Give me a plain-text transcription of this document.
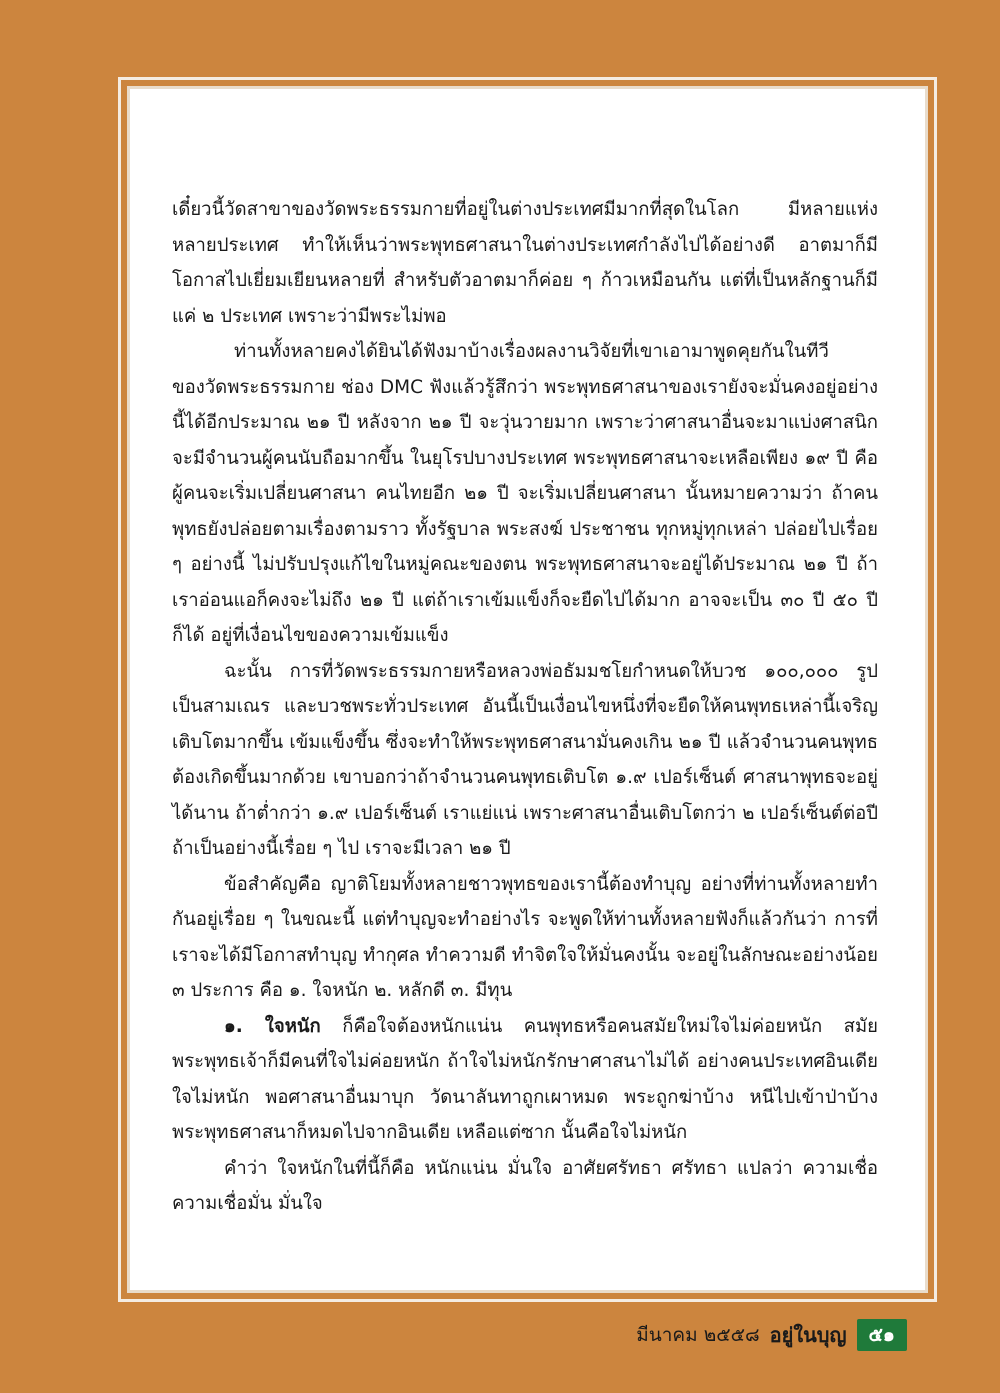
เดี๋ยวนี้วัดสาขาของวัดพระธรรมกายที่อยู่ในต่างประเทศมีมากที่สุดในโลก มีหลายแห่งหลายประเทศ ทำให้เห็นว่าพระพุทธศาสนาในต่างประเทศกำลังไปได้อย่างดี อาตมาก็มีโอกาสไปเยี่ยมเยียนหลายที่ สำหรับตัวอาตมาก็ค่อย ๆ ก้าวเหมือนกัน แต่ที่เป็นหลักฐานก็มีแค่ ๒ ประเทศ เพราะว่ามีพระไม่พอ

ท่านทั้งหลายคงได้ยินได้ฟังมาบ้างเรื่องผลงานวิจัยที่เขาเอามาพูดคุยกันในทีวีของวัดพระธรรมกาย ช่อง DMC ฟังแล้วรู้สึกว่า พระพุทธศาสนาของเรายังจะมั่นคงอยู่อย่างนี้ได้อีกประมาณ ๒๑ ปี หลังจาก ๒๑ ปี จะวุ่นวายมาก เพราะว่าศาสนาอื่นจะมาแบ่งศาสนิก จะมีจำนวนผู้คนนับถือมากขึ้น ในยุโรปบางประเทศ พระพุทธศาสนาจะเหลือเพียง ๑๙ ปี คือผู้คนจะเริ่มเปลี่ยนศาสนา คนไทยอีก ๒๑ ปี จะเริ่มเปลี่ยนศาสนา นั้นหมายความว่า ถ้าคนพุทธยังปล่อยตามเรื่องตามราว ทั้งรัฐบาล พระสงฆ์ ประชาชน ทุกหมู่ทุกเหล่า ปล่อยไปเรื่อย ๆ อย่างนี้ ไม่ปรับปรุงแก้ไขในหมู่คณะของตน พระพุทธศาสนาจะอยู่ได้ประมาณ ๒๑ ปี ถ้าเราอ่อนแอก็คงจะไม่ถึง ๒๑ ปี แต่ถ้าเราเข้มแข็งก็จะยืดไปได้มาก อาจจะเป็น ๓๐ ปี ๕๐ ปี ก็ได้ อยู่ที่เงื่อนไขของความเข้มแข็ง

ฉะนั้น การที่วัดพระธรรมกายหรือหลวงพ่อธัมมชโยกำหนดให้บวช ๑๐๐,๐๐๐ รูป เป็นสามเณร และบวชพระทั่วประเทศ อันนี้เป็นเงื่อนไขหนึ่งที่จะยืดให้คนพุทธเหล่านี้เจริญเติบโตมากขึ้น เข้มแข็งขึ้น ซึ่งจะทำให้พระพุทธศาสนามั่นคงเกิน ๒๑ ปี แล้วจำนวนคนพุทธต้องเกิดขึ้นมากด้วย เขาบอกว่าถ้าจำนวนคนพุทธเติบโต ๑.๙ เปอร์เซ็นต์ ศาสนาพุทธจะอยู่ได้นาน ถ้าต่ำกว่า ๑.๙ เปอร์เซ็นต์ เราแย่แน่ เพราะศาสนาอื่นเติบโตกว่า ๒ เปอร์เซ็นต์ต่อปี ถ้าเป็นอย่างนี้เรื่อย ๆ ไป เราจะมีเวลา ๒๑ ปี

ข้อสำคัญคือ ญาติโยมทั้งหลายชาวพุทธของเรานี้ต้องทำบุญ อย่างที่ท่านทั้งหลายทำกันอยู่เรื่อย ๆ ในขณะนี้ แต่ทำบุญจะทำอย่างไร จะพูดให้ท่านทั้งหลายฟังก็แล้วกันว่า การที่เราจะได้มีโอกาสทำบุญ ทำกุศล ทำความดี ทำจิตใจให้มั่นคงนั้น จะอยู่ในลักษณะอย่างน้อย ๓ ประการ คือ ๑. ใจหนัก ๒. หลักดี ๓. มีทุน

๑. ใจหนัก ก็คือใจต้องหนักแน่น คนพุทธหรือคนสมัยใหม่ใจไม่ค่อยหนัก สมัยพระพุทธเจ้าก็มีคนที่ใจไม่ค่อยหนัก ถ้าใจไม่หนักรักษาศาสนาไม่ได้ อย่างคนประเทศอินเดียใจไม่หนัก พอศาสนาอื่นมาบุก วัดนาลันทาถูกเผาหมด พระถูกฆ่าบ้าง หนีไปเข้าป่าบ้าง พระพุทธศาสนาก็หมดไปจากอินเดีย เหลือแต่ซาก นั้นคือใจไม่หนัก

คำว่า ใจหนักในที่นี้ก็คือ หนักแน่น มั่นใจ อาศัยศรัทธา ศรัทธา แปลว่า ความเชื่อ ความเชื่อมั่น มั่นใจ

มีนาคม ๒๕๕๘ อยู่ในบุญ	๕๑
